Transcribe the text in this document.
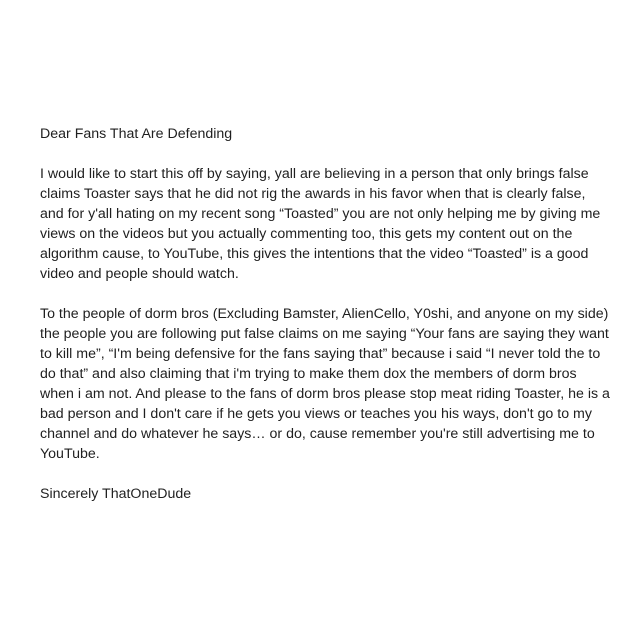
Dear Fans That Are Defending

I would like to start this off by saying, yall are believing in a person that only brings false claims Toaster says that he did not rig the awards in his favor when that is clearly false, and for y'all hating on my recent song “Toasted” you are not only helping me by giving me views on the videos but you actually commenting too, this gets my content out on the algorithm cause, to YouTube, this gives the intentions that the video “Toasted” is a good video and people should watch.

To the people of dorm bros (Excluding Bamster, AlienCello, Y0shi, and anyone on my side) the people you are following put false claims on me saying “Your fans are saying they want to kill me”, “I'm being defensive for the fans saying that” because i said “I never told the to do that” and also claiming that i'm trying to make them dox the members of dorm bros when i am not. And please to the fans of dorm bros please stop meat riding Toaster, he is a bad person and I don't care if he gets you views or teaches you his ways, don't go to my channel and do whatever he says… or do, cause remember you're still advertising me to YouTube.

Sincerely ThatOneDude
